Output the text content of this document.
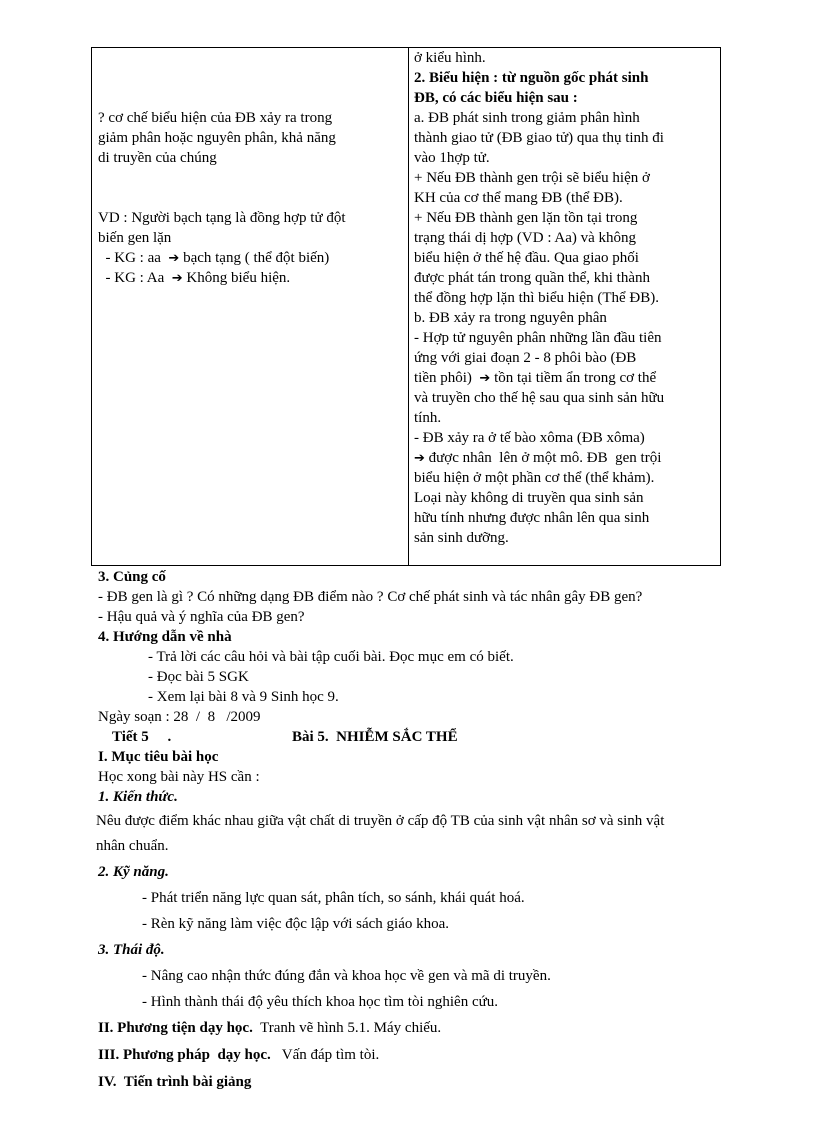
? cơ chế biểu hiện của ĐB xảy ra trong
giảm phân hoặc nguyên phân, khả năng
di truyền của chúng
VD : Người bạch tạng là đồng hợp tử đột
biến gen lặn
- KG : aa  ➔ bạch tạng ( thể đột biến)
- KG : Aa  ➔ Không biểu hiện.
ở kiểu hình.
2. Biểu hiện : từ nguồn gốc phát sinh
ĐB, có các biểu hiện sau :
a. ĐB phát sinh trong giảm phân hình
thành giao tử (ĐB giao tử) qua thụ tinh đi
vào 1hợp tử.
+ Nếu ĐB thành gen trội sẽ biểu hiện ở
KH của cơ thể mang ĐB (thể ĐB).
+ Nếu ĐB thành gen lặn tồn tại trong
trạng thái dị hợp (VD : Aa) và không
biểu hiện ở thế hệ đầu. Qua giao phối
được phát tán trong quần thể, khi thành
thể đồng hợp lặn thì biểu hiện (Thể ĐB).
b. ĐB xảy ra trong nguyên phân
- Hợp tử nguyên phân những lần đầu tiên
ứng với giai đoạn 2 - 8 phôi bào (ĐB
tiền phôi)  ➔ tồn tại tiềm ẩn trong cơ thể
và truyền cho thế hệ sau qua sinh sản hữu
tính.
- ĐB xảy ra ở tế bào xôma (ĐB xôma)
➔ được nhân  lên ở một mô. ĐB  gen trội
biểu hiện ở một phần cơ thể (thể khảm).
Loại này không di truyền qua sinh sản
hữu tính nhưng được nhân lên qua sinh
sản sinh dưỡng.
3. Củng cố
- ĐB gen là gì ? Có những dạng ĐB điểm nào ? Cơ chế phát sinh và tác nhân gây ĐB gen?
- Hậu quả và ý nghĩa của ĐB gen?
4. Hướng dẫn về nhà
- Trả lời các câu hỏi và bài tập cuối bài. Đọc mục em có biết.
- Đọc bài 5 SGK
- Xem lại bài 8 và 9 Sinh học 9.
Ngày soạn : 28  /  8   /2009
Tiết 5     .	Bài 5.  NHIỄM SẮC THỂ
I. Mục tiêu bài học
Học xong bài này HS cần :
1. Kiến thức.
Nêu được điểm khác nhau giữa vật chất di truyền ở cấp độ TB của sinh vật nhân sơ và sinh vật
nhân chuẩn.
2. Kỹ năng.
- Phát triển năng lực quan sát, phân tích, so sánh, khái quát hoá.
- Rèn kỹ năng làm việc độc lập với sách giáo khoa.
3. Thái độ.
- Nâng cao nhận thức đúng đắn và khoa học về gen và mã di truyền.
- Hình thành thái độ yêu thích khoa học tìm tòi nghiên cứu.
II. Phương tiện dạy học.  Tranh vẽ hình 5.1. Máy chiếu.
III. Phương pháp  dạy học.   Vấn đáp tìm tòi.
IV.  Tiến trình bài giảng
